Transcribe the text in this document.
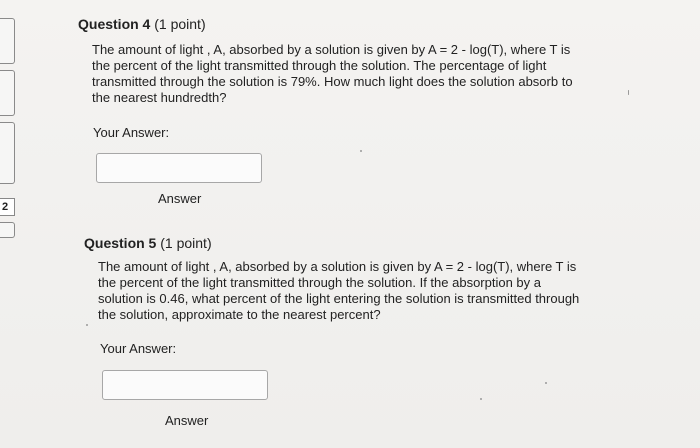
2
Question 4 (1 point)
The amount of light , A, absorbed by a solution is given by A = 2 - log(T), where T is the percent of the light transmitted through the solution. The percentage of light transmitted through the solution is 79%. How much light does the solution absorb to the nearest hundredth?
Your Answer:
Answer
Question 5 (1 point)
The amount of light , A, absorbed by a solution is given by A = 2 - log(T), where T is the percent of the light transmitted through the solution. If the absorption by a solution is 0.46, what percent of the light entering the solution is transmitted through the solution, approximate to the nearest percent?
Your Answer:
Answer
